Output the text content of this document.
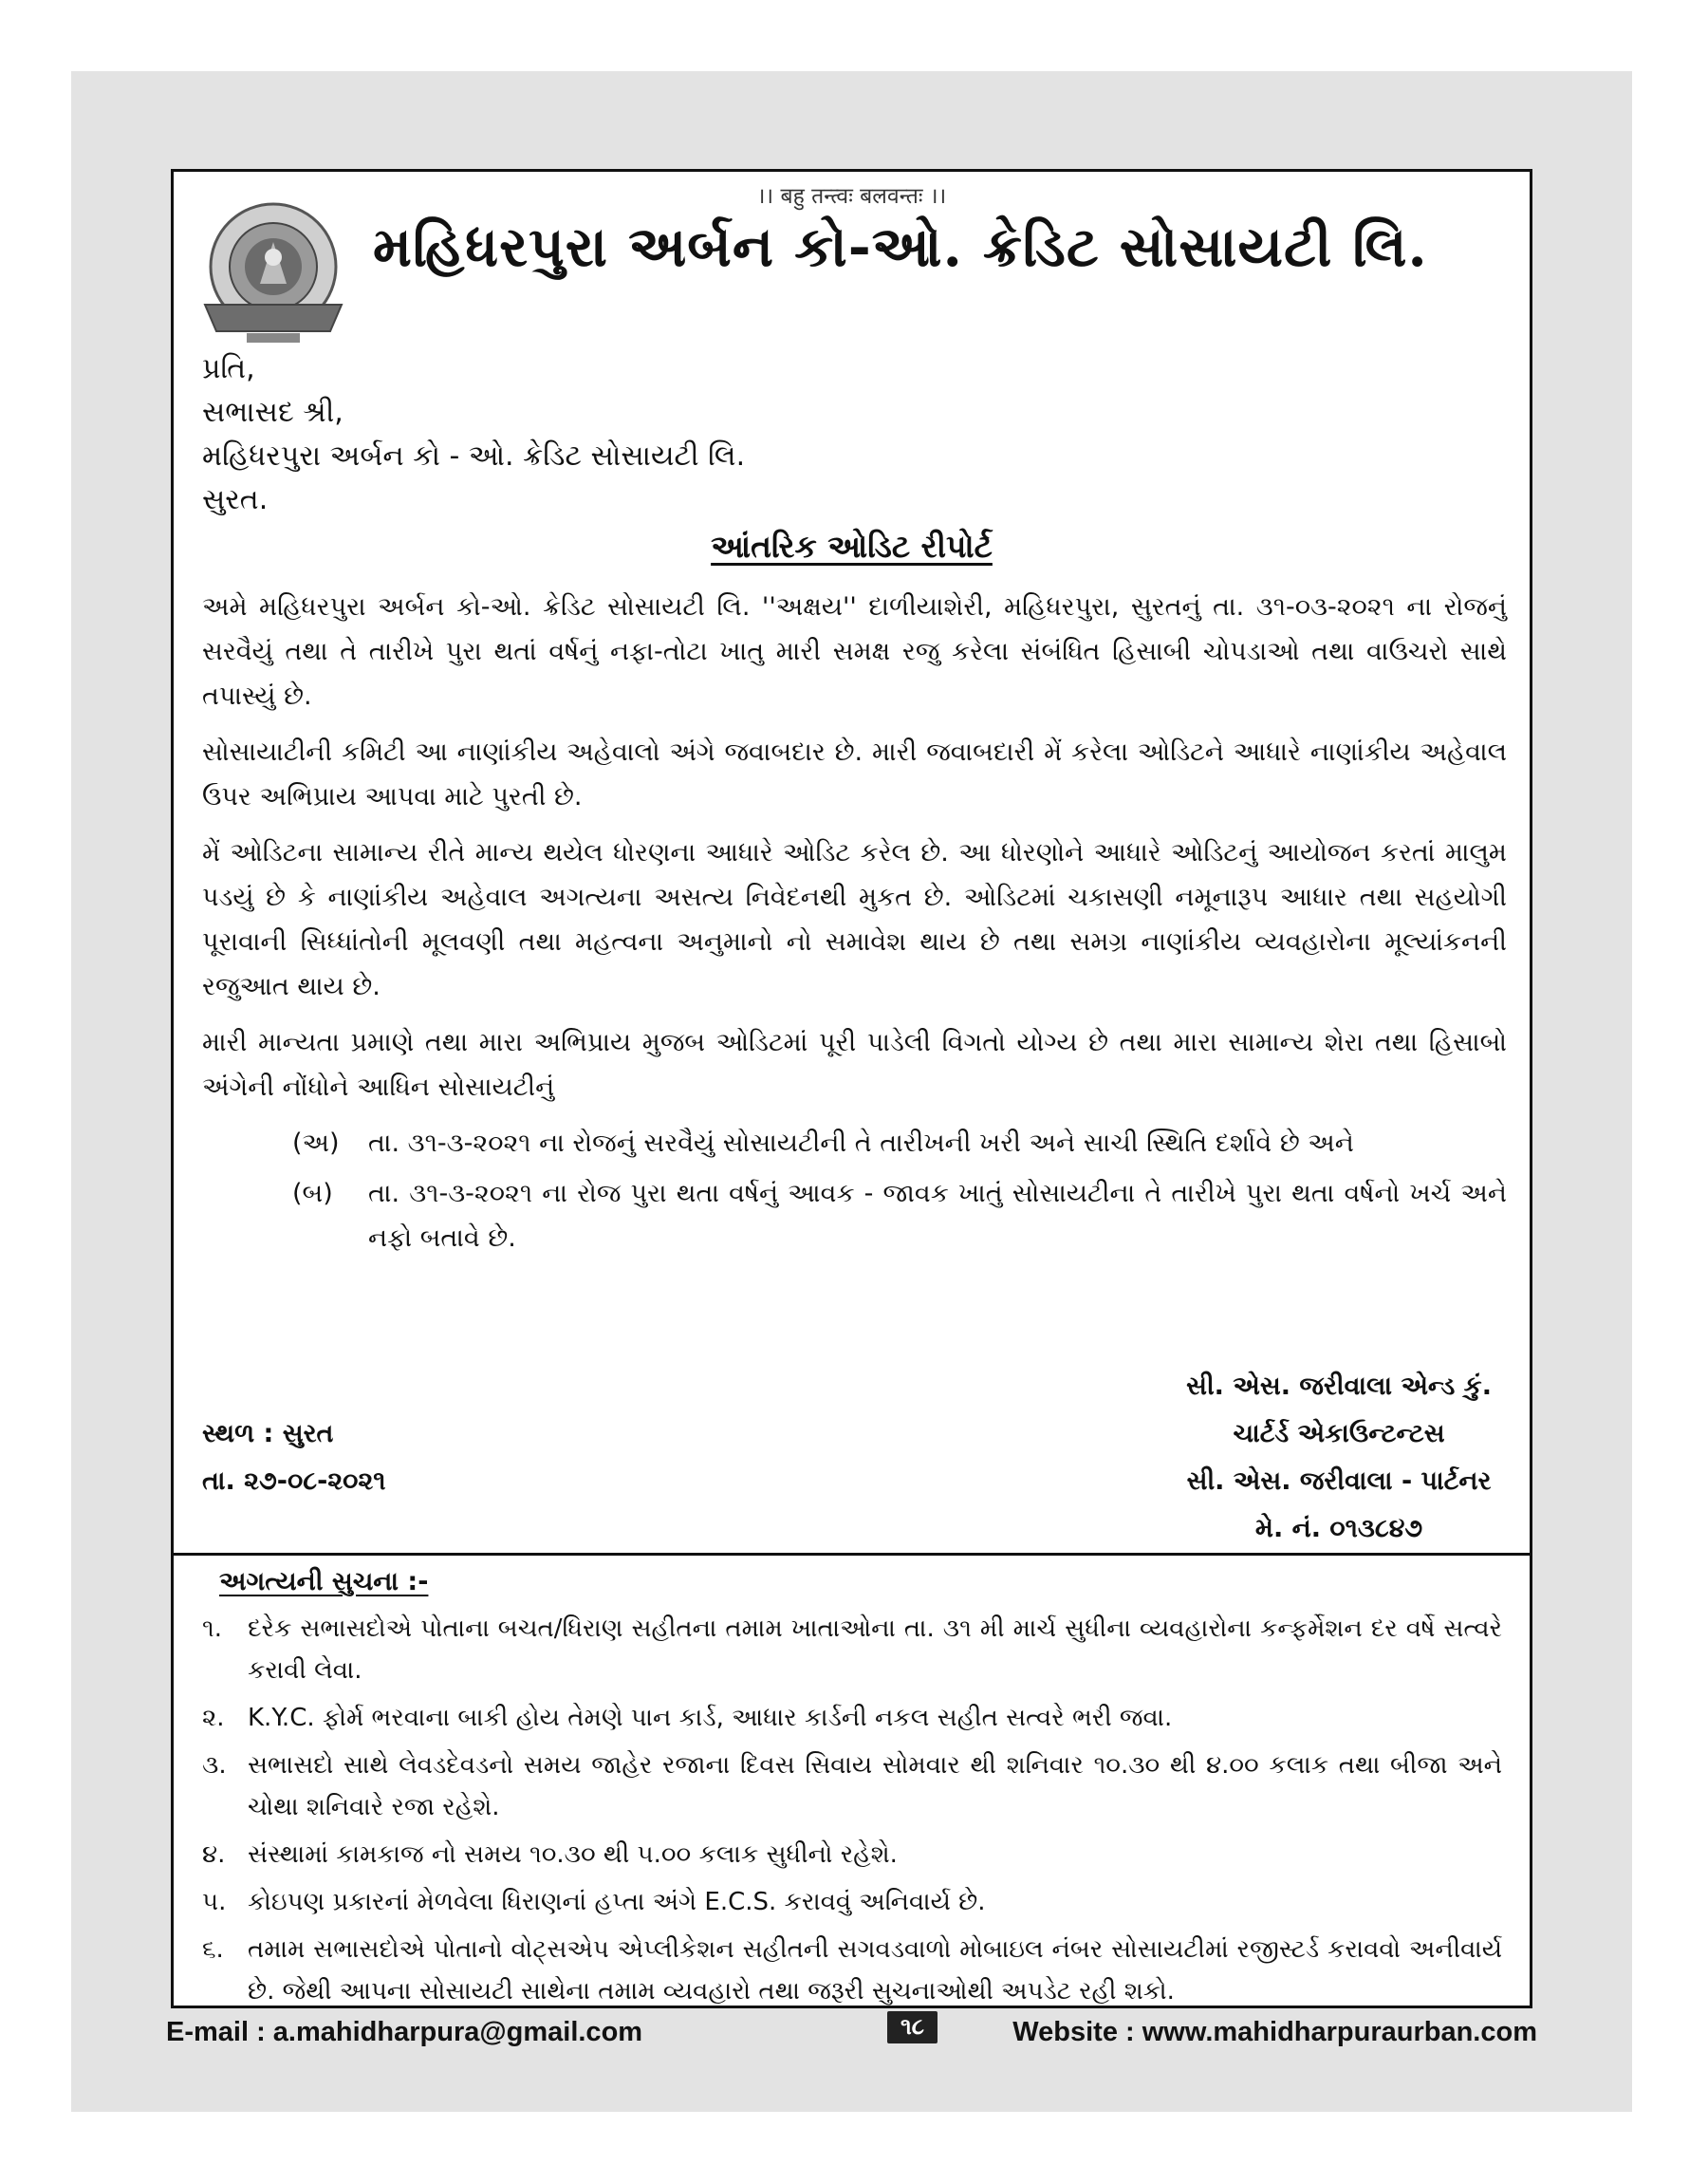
।। बहु तन्त्वः बलवन्तः ।।
મહિધરપુરા અર્બન કો-ઓ. ક્રેડિટ સોસાયટી લિ.
પ્રતિ,
સભાસદ શ્રી,
મહિધરપુરા અર્બન કો - ઓ. ક્રેડિટ સોસાયટી લિ.
સુરત.
આંતરિક ઓડિટ રીપોર્ટ

અમે મહિધરપુરા અર્બન કો-ઓ. ક્રેડિટ સોસાયટી લિ. ''અક્ષય'' દાળીયાશેરી, મહિધરપુરા, સુરતનું તા. ૩૧-૦૩-૨૦૨૧ ના રોજનું સરવૈયું તથા તે તારીખે પુરા થતાં વર્ષનું નફા-તોટા ખાતુ મારી સમક્ષ રજુ કરેલા સંબંધિત હિસાબી ચોપડાઓ તથા વાઉચરો સાથે તપાસ્યું છે.

સોસાયાટીની કમિટી આ નાણાંકીય અહેવાલો અંગે જવાબદાર છે. મારી જવાબદારી મેં કરેલા ઓડિટને આધારે નાણાંકીય અહેવાલ ઉપર અભિપ્રાય આપવા માટે પુરતી છે.

મેં ઓડિટના સામાન્ય રીતે માન્ય થયેલ ધોરણના આધારે ઓડિટ કરેલ છે. આ ધોરણોને આધારે ઓડિટનું આયોજન કરતાં માલુમ પડયું છે કે નાણાંકીય અહેવાલ અગત્યના અસત્ય નિવેદનથી મુકત છે. ઓડિટમાં ચકાસણી નમૂનારૂપ આધાર તથા સહયોગી પૂરાવાની સિધ્ધાંતોની મૂલવણી તથા મહત્વના અનુમાનો નો સમાવેશ થાય છે તથા સમગ્ર નાણાંકીય વ્યવહારોના મૂલ્યાંકનની રજુઆત થાય છે.

મારી માન્યતા પ્રમાણે તથા મારા અભિપ્રાય મુજબ ઓડિટમાં પૂરી પાડેલી વિગતો યોગ્ય છે તથા મારા સામાન્ય શેરા તથા હિસાબો અંગેની નોંધોને આધિન સોસાયટીનું

(અ)	તા. ૩૧-૩-૨૦૨૧ ના રોજનું સરવૈયું સોસાયટીની તે તારીખની ખરી અને સાચી સ્થિતિ દર્શાવે છે અને
(બ)	તા. ૩૧-૩-૨૦૨૧ ના રોજ પુરા થતા વર્ષનું આવક - જાવક ખાતું સોસાયટીના તે તારીખે પુરા થતા વર્ષનો ખર્ચ અને નફો બતાવે છે.
સ્થળ : સુરત
તા. ૨૭-૦૮-૨૦૨૧
સી. એસ. જરીવાલા એન્ડ કું.
ચાર્ટર્ડ એકાઉન્ટન્ટસ
સી. એસ. જરીવાલા - પાર્ટનર
મે. નં. ૦૧૩૮૪૭
અગત્યની સુચના :-
૧.	દરેક સભાસદોએ પોતાના બચત/ધિરાણ સહીતના તમામ ખાતાઓના તા. ૩૧ મી માર્ચ સુધીના વ્યવહારોના કન્ફર્મેશન દર વર્ષે સત્વરે કરાવી લેવા.
૨. K.Y.C. ફોર્મ ભરવાના બાકી હોય તેમણે પાન કાર્ડ, આધાર કાર્ડની નકલ સહીત સત્વરે ભરી જવા.
૩. સભાસદો સાથે લેવડદેવડનો સમય જાહેર રજાના દિવસ સિવાય સોમવાર થી શનિવાર ૧૦.૩૦ થી ૪.૦૦ કલાક તથા બીજા અને ચોથા શનિવારે રજા રહેશે.
૪. સંસ્થામાં કામકાજ નો સમય ૧૦.૩૦ થી ૫.૦૦ કલાક સુધીનો રહેશે.
૫. કોઇપણ પ્રકારનાં મેળવેલા ધિરાણનાં હપ્તા અંગે E.C.S. કરાવવું અનિવાર્ય છે.
૬. તમામ સભાસદોએ પોતાનો વોટ્સએપ એપ્લીકેશન સહીતની સગવડવાળો મોબાઇલ નંબર સોસાયટીમાં રજીસ્ટર્ડ કરાવવો અનીવાર્ય છે. જેથી આપના સોસાયટી સાથેના તમામ વ્યવહારો તથા જરૂરી સુચનાઓથી અપડેટ રહી શકો.
E-mail : a.mahidharpura@gmail.com	૧૮	Website : www.mahidharpuraurban.com
